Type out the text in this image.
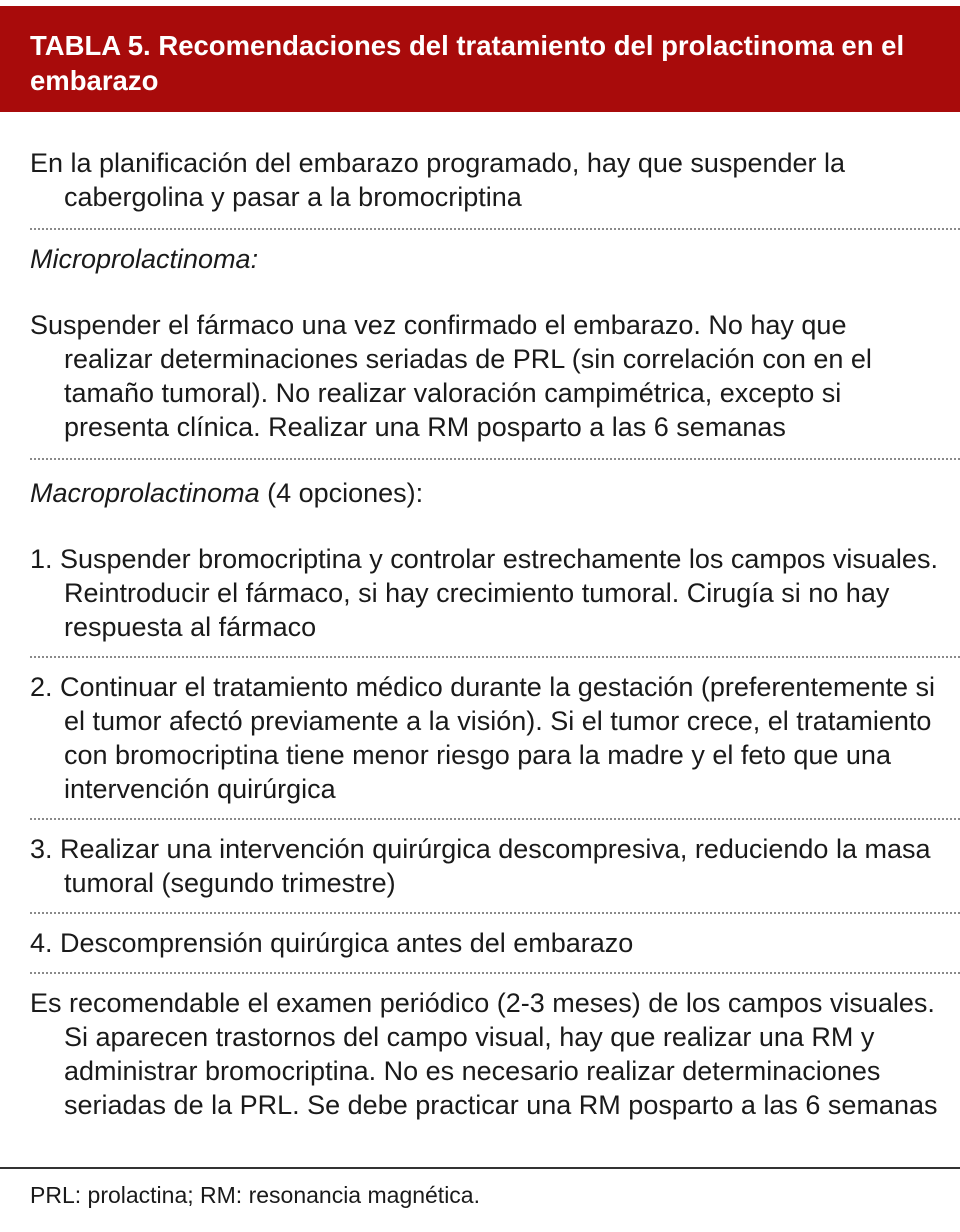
TABLA 5. Recomendaciones del tratamiento del prolactinoma en el embarazo
En la planificación del embarazo programado, hay que suspender la cabergolina y pasar a la bromocriptina
Microprolactinoma:
Suspender el fármaco una vez confirmado el embarazo. No hay que realizar determinaciones seriadas de PRL (sin correlación con en el tamaño tumoral). No realizar valoración campimétrica, excepto si presenta clínica. Realizar una RM posparto a las 6 semanas
Macroprolactinoma (4 opciones):
1. Suspender bromocriptina y controlar estrechamente los campos visuales. Reintroducir el fármaco, si hay crecimiento tumoral. Cirugía si no hay respuesta al fármaco
2. Continuar el tratamiento médico durante la gestación (preferentemente si el tumor afectó previamente a la visión). Si el tumor crece, el tratamiento con bromocriptina tiene menor riesgo para la madre y el feto que una intervención quirúrgica
3. Realizar una intervención quirúrgica descompresiva, reduciendo la masa tumoral (segundo trimestre)
4. Descomprensión quirúrgica antes del embarazo
Es recomendable el examen periódico (2-3 meses) de los campos visuales. Si aparecen trastornos del campo visual, hay que realizar una RM y administrar bromocriptina. No es necesario realizar determinaciones seriadas de la PRL. Se debe practicar una RM posparto a las 6 semanas
PRL: prolactina; RM: resonancia magnética.
